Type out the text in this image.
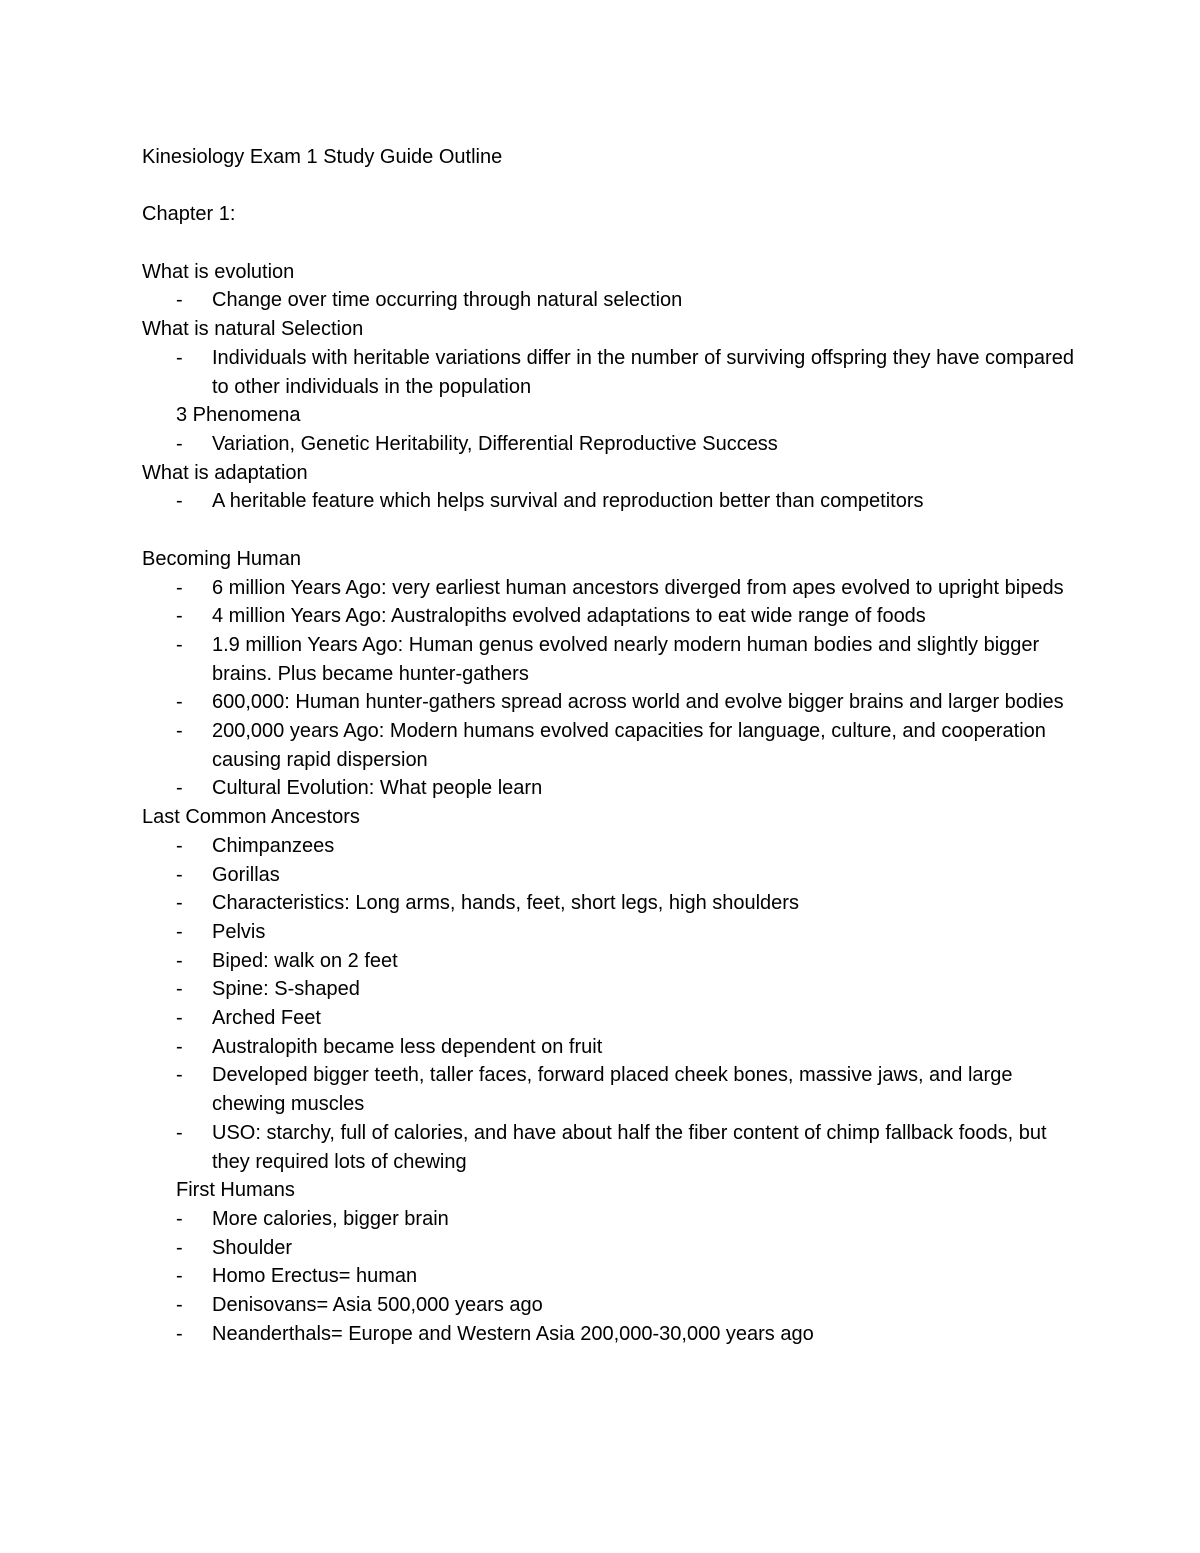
Kinesiology Exam 1 Study Guide Outline

Chapter 1:

What is evolution

- Change over time occurring through natural selection

What is natural Selection

- Individuals with heritable variations differ in the number of surviving offspring they have compared to other individuals in the population

3 Phenomena

- Variation, Genetic Heritability, Differential Reproductive Success

What is adaptation

- A heritable feature which helps survival and reproduction better than competitors

Becoming Human

- 6 million Years Ago: very earliest human ancestors diverged from apes evolved to upright bipeds
- 4 million Years Ago: Australopiths evolved adaptations to eat wide range of foods
- 1.9 million Years Ago: Human genus evolved nearly modern human bodies and slightly bigger brains. Plus became hunter-gathers
- 600,000: Human hunter-gathers spread across world and evolve bigger brains and larger bodies
- 200,000 years Ago: Modern humans evolved capacities for language, culture, and cooperation causing rapid dispersion
- Cultural Evolution: What people learn

Last Common Ancestors

- Chimpanzees
- Gorillas
- Characteristics: Long arms, hands, feet, short legs, high shoulders
- Pelvis
- Biped: walk on 2 feet
- Spine: S-shaped
- Arched Feet
- Australopith became less dependent on fruit
- Developed bigger teeth, taller faces, forward placed cheek bones, massive jaws, and large chewing muscles
- USO: starchy, full of calories, and have about half the fiber content of chimp fallback foods, but they required lots of chewing

First Humans

- More calories, bigger brain
- Shoulder
- Homo Erectus= human
- Denisovans= Asia 500,000 years ago
- Neanderthals= Europe and Western Asia 200,000-30,000 years ago
